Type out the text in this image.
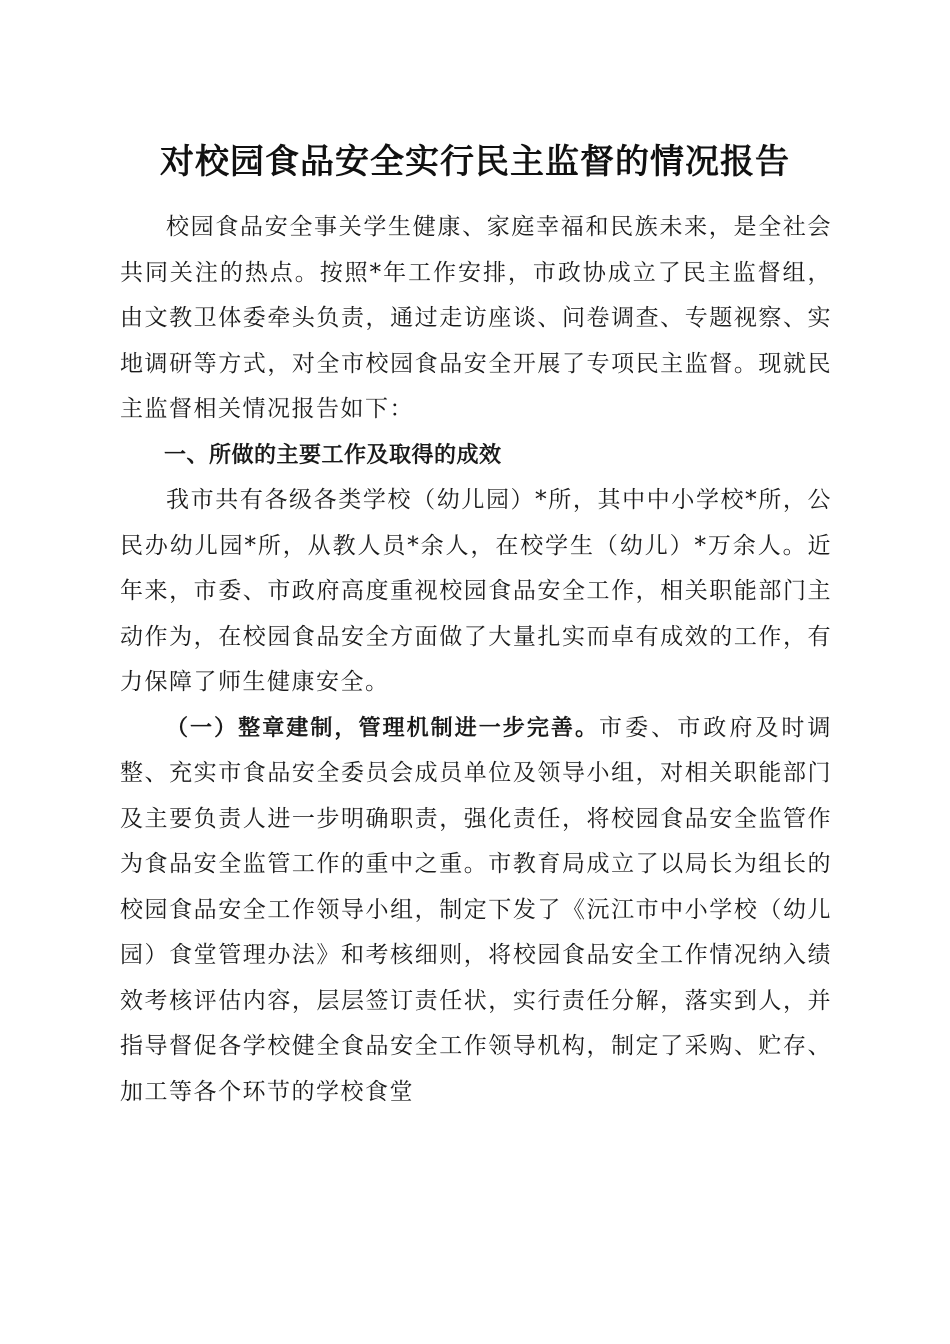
对校园食品安全实行民主监督的情况报告

校园食品安全事关学生健康、家庭幸福和民族未来，是全社会共同关注的热点。按照*年工作安排，市政协成立了民主监督组，由文教卫体委牵头负责，通过走访座谈、问卷调查、专题视察、实地调研等方式，对全市校园食品安全开展了专项民主监督。现就民主监督相关情况报告如下：

一、所做的主要工作及取得的成效

我市共有各级各类学校（幼儿园）*所，其中中小学校*所，公民办幼儿园*所，从教人员*余人，在校学生（幼儿）*万余人。近年来，市委、市政府高度重视校园食品安全工作，相关职能部门主动作为，在校园食品安全方面做了大量扎实而卓有成效的工作，有力保障了师生健康安全。

（一）整章建制，管理机制进一步完善。市委、市政府及时调整、充实市食品安全委员会成员单位及领导小组，对相关职能部门及主要负责人进一步明确职责，强化责任，将校园食品安全监管作为食品安全监管工作的重中之重。市教育局成立了以局长为组长的校园食品安全工作领导小组，制定下发了《沅江市中小学校（幼儿园）食堂管理办法》和考核细则，将校园食品安全工作情况纳入绩效考核评估内容，层层签订责任状，实行责任分解，落实到人，并指导督促各学校健全食品安全工作领导机构，制定了采购、贮存、加工等各个环节的学校食堂
